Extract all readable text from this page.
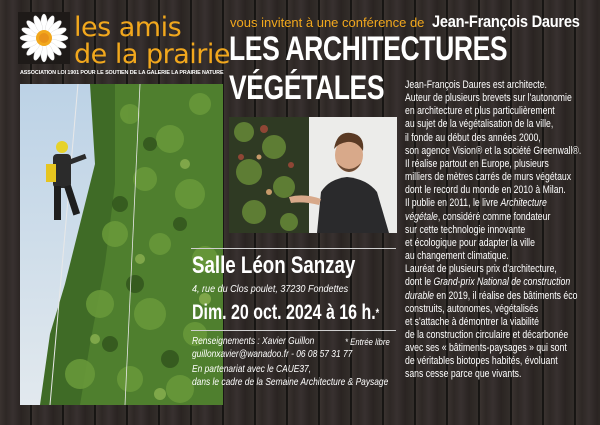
les amis
de la prairie
ASSOCIATION LOI 1901 POUR LE SOUTIEN DE LA GALERIE LA PRAIRIE NATURE
vous invitent à une conférence de Jean-François Daures
LES ARCHITECTURES
VÉGÉTALES Jean-François Daures est architecte.

Auteur de plusieurs brevets sur l'autonomie

en architecture et plus particulièrement

au sujet de la végétalisation de la ville,

il fonde au début des années 2000,

son agence Vision® et la société Greenwall®.

Il réalise partout en Europe, plusieurs

milliers de mètres carrés de murs végétaux

dont le record du monde en 2010 à Milan.

Il publie en 2011, le livre Architecture

végétale, considéré comme fondateur

sur cette technologie innovante

et écologique pour adapter la ville

au changement climatique.

Lauréat de plusieurs prix d'architecture,

dont le Grand-prix National de construction

durable en 2019, il réalise des bâtiments éco

construits, autonomes, végétalisés

et s'attache à démontrer la viabilité

de la construction circulaire et décarbonée

avec ses « bâtiments-paysages » qui sont

de véritables biotopes habités, évoluant

sans cesse parce que vivants.

Salle Léon Sanzay
4, rue du Clos poulet, 37230 Fondettes
Dim. 20 oct. 2024 à 16 h.*
* Entrée libre
Renseignements : Xavier Guillon
guillonxavier@wanadoo.fr - 06 08 57 31 77
En partenariat avec le CAUE37,
dans le cadre de la Semaine Architecture & Paysage
